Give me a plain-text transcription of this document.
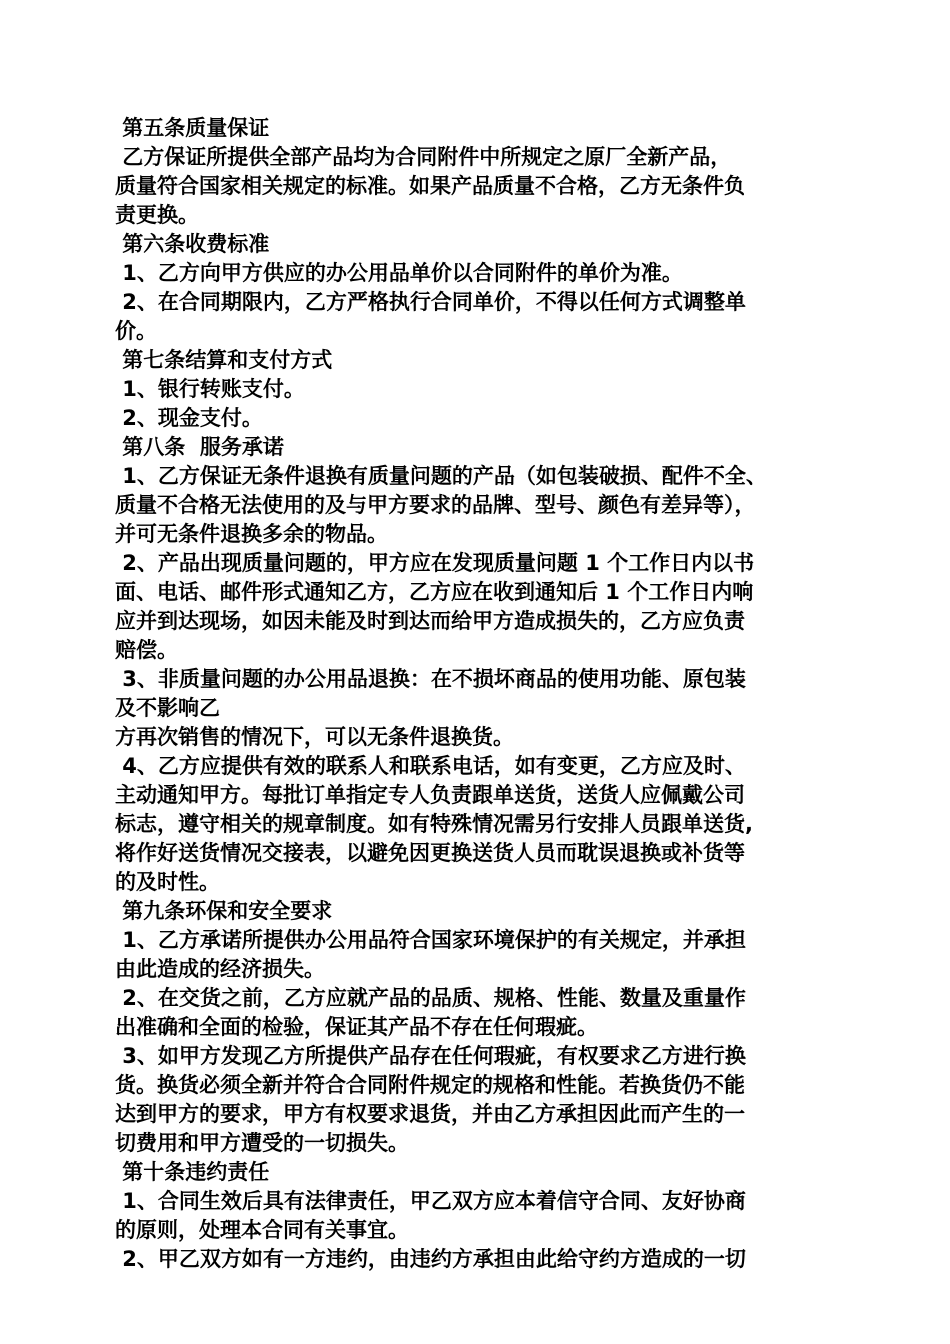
第五条质量保证
乙方保证所提供全部产品均为合同附件中所规定之原厂全新产品，
质量符合国家相关规定的标准。如果产品质量不合格，乙方无条件负
责更换。
第六条收费标准
1、乙方向甲方供应的办公用品单价以合同附件的单价为准。
2、在合同期限内，乙方严格执行合同单价，不得以任何方式调整单
价。
第七条结算和支付方式
1、银行转账支付。
2、现金支付。
第八条  服务承诺
1、乙方保证无条件退换有质量问题的产品（如包装破损、配件不全、
质量不合格无法使用的及与甲方要求的品牌、型号、颜色有差异等），
并可无条件退换多余的物品。
2、产品出现质量问题的，甲方应在发现质量问题 1 个工作日内以书
面、电话、邮件形式通知乙方，乙方应在收到通知后 1 个工作日内响
应并到达现场，如因未能及时到达而给甲方造成损失的，乙方应负责
赔偿。
3、非质量问题的办公用品退换：在不损坏商品的使用功能、原包装
及不影响乙
方再次销售的情况下，可以无条件退换货。
4、乙方应提供有效的联系人和联系电话，如有变更，乙方应及时、
主动通知甲方。每批订单指定专人负责跟单送货，送货人应佩戴公司
标志，遵守相关的规章制度。如有特殊情况需另行安排人员跟单送货,
将作好送货情况交接表，以避免因更换送货人员而耽误退换或补货等
的及时性。
第九条环保和安全要求
1、乙方承诺所提供办公用品符合国家环境保护的有关规定，并承担
由此造成的经济损失。
2、在交货之前，乙方应就产品的品质、规格、性能、数量及重量作
出准确和全面的检验，保证其产品不存在任何瑕疵。
3、如甲方发现乙方所提供产品存在任何瑕疵，有权要求乙方进行换
货。换货必须全新并符合合同附件规定的规格和性能。若换货仍不能
达到甲方的要求，甲方有权要求退货，并由乙方承担因此而产生的一
切费用和甲方遭受的一切损失。
第十条违约责任
1、合同生效后具有法律责任，甲乙双方应本着信守合同、友好协商
的原则，处理本合同有关事宜。
2、甲乙双方如有一方违约，由违约方承担由此给守约方造成的一切
